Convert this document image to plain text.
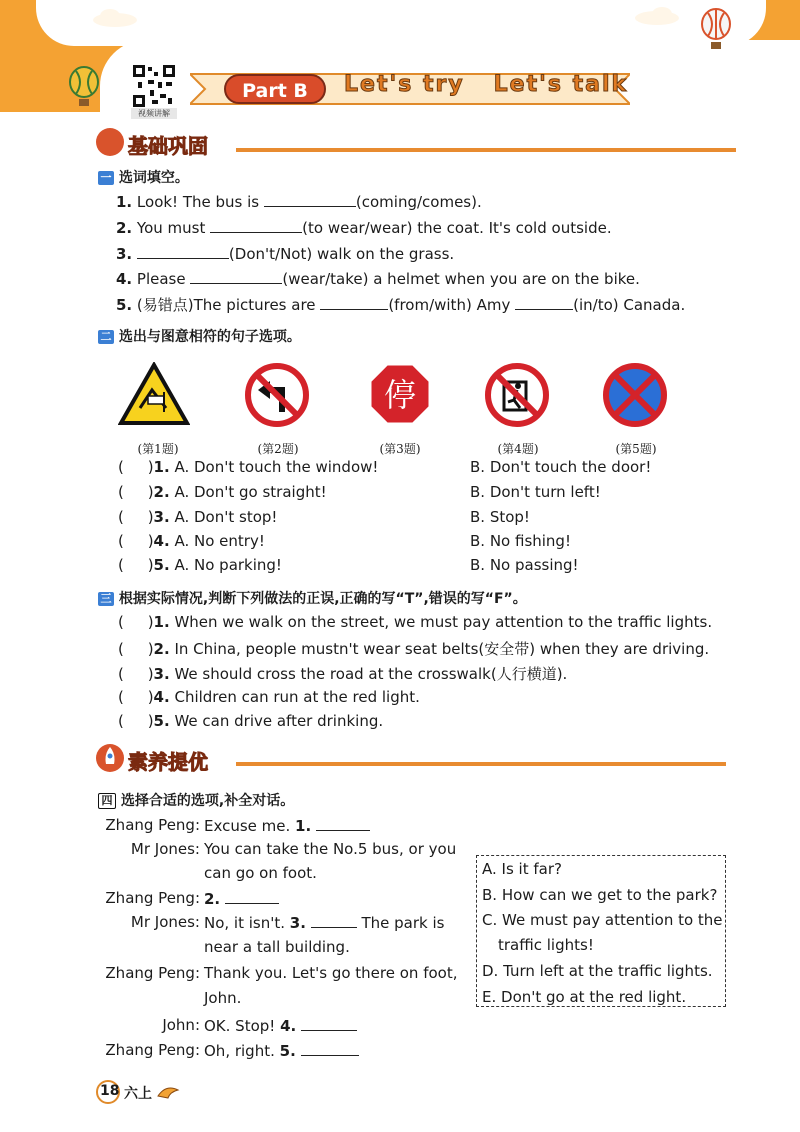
视频讲解
Part B	Let's try   Let's talk
基础巩固
一 选词填空。
1. Look! The bus is	(coming/comes).
2. You must	(to wear/wear) the coat. It's cold outside.
3.	(Don't/Not) walk on the grass.
4. Please	(wear/take) a helmet when you are on the bike.
5. (易错点)The pictures are	(from/with) Amy	(in/to) Canada.
二 选出与图意相符的句子选项。
停
(第1题)	(第2题)	(第3题)	(第4题)	(第5题)
(     )1. A. Don't touch the window!	B. Don't touch the door!
(     )2. A. Don't go straight!	B. Don't turn left!
(     )3. A. Don't stop!	B. Stop!
(     )4. A. No entry!	B. No fishing!
(     )5. A. No parking!	B. No passing!
三 根据实际情况,判断下列做法的正误,正确的写“T”,错误的写“F”。
(     )1. When we walk on the street, we must pay attention to the traffic lights.
(     )2. In China, people mustn't wear seat belts(安全带) when they are driving.
(     )3. We should cross the road at the crosswalk(人行横道).
(     )4. Children can run at the red light.
(     )5. We can drive after drinking.
素养提优
四 选择合适的选项,补全对话。
Zhang Peng: Excuse me. 1.
Mr Jones: You can take the No.5 bus, or you
can go on foot.
Zhang Peng: 2.
Mr Jones: No, it isn't. 3.	The park is
near a tall building.
Zhang Peng: Thank you. Let's go there on foot,
John.
John: OK. Stop! 4.
Zhang Peng: Oh, right. 5.
A. Is it far?
B. How can we get to the park?
C. We must pay attention to the
traffic lights!
D. Turn left at the traffic lights.
E. Don't go at the red light.
18 六上
